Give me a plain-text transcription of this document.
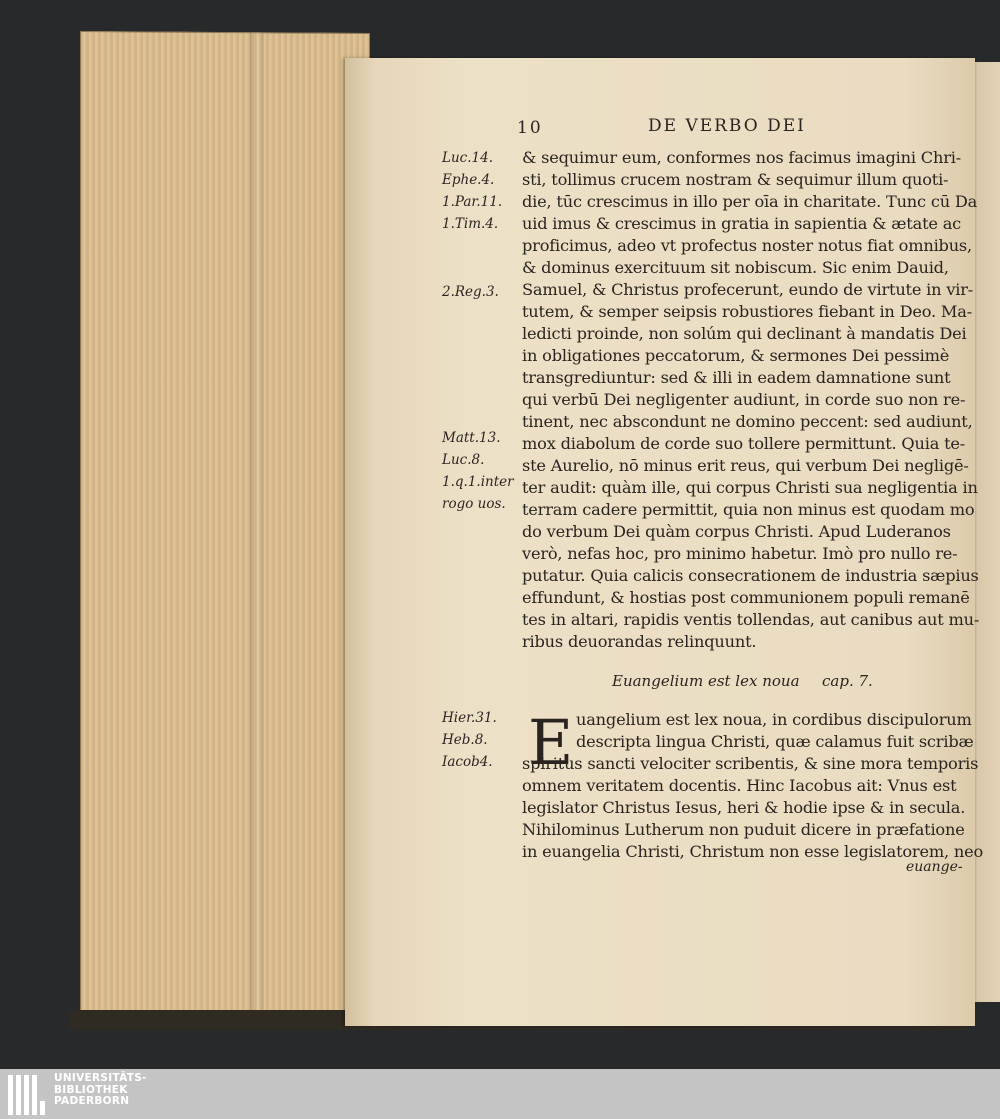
10	DE VERBO DEI
Luc.14.
Ephe.4.
1.Par.11.
1.Tim.4.
2.Reg.3.
Matt.13.
Luc.8.
1.q.1.inter
rogo uos.
Hier.31.
Heb.8.
Iacob4.
& sequimur eum, conformes nos facimus imagini Chri-
sti, tollimus crucem nostram & sequimur illum quoti-
die, tūc crescimus in illo per oīa in charitate. Tunc cū Da
uid imus & crescimus in gratia in sapientia & ætate ac
proficimus, adeo vt profectus noster notus fiat omnibus,
& dominus exercituum sit nobiscum. Sic enim Dauid,
Samuel, & Christus profecerunt, eundo de virtute in vir-
tutem, & semper seipsis robustiores fiebant in Deo. Ma-
ledicti proinde, non solúm qui declinant à mandatis Dei
in obligationes peccatorum, & sermones Dei pessimè
transgrediuntur: sed & illi in eadem damnatione sunt
qui verbū Dei negligenter audiunt, in corde suo non re-
tinent, nec abscondunt ne domino peccent: sed audiunt,
mox diabolum de corde suo tollere permittunt. Quia te-
ste Aurelio, nō minus erit reus, qui verbum Dei negligē-
ter audit: quàm ille, qui corpus Christi sua negligentia in
terram cadere permittit, quia non minus est quodam mo
do verbum Dei quàm corpus Christi. Apud Luderanos
verò, nefas hoc, pro minimo habetur. Imò pro nullo re-
putatur. Quia calicis consecrationem de industria sæpius
effundunt, & hostias post communionem populi remanē
tes in altari, rapidis ventis tollendas, aut canibus aut mu-
ribus deuorandas relinquunt.
Euangelium est lex noua cap. 7.
E uangelium est lex noua, in cordibus discipulorum
descripta lingua Christi, quæ calamus fuit scribæ
spiritus sancti velociter scribentis, & sine mora temporis
omnem veritatem docentis. Hinc Iacobus ait: Vnus est
legislator Christus Iesus, heri & hodie ipse & in secula.
Nihilominus Lutherum non puduit dicere in præfatione
in euangelia Christi, Christum non esse legislatorem, neo
euange-
UNIVERSITÄTS-
BIBLIOTHEK
PADERBORN
